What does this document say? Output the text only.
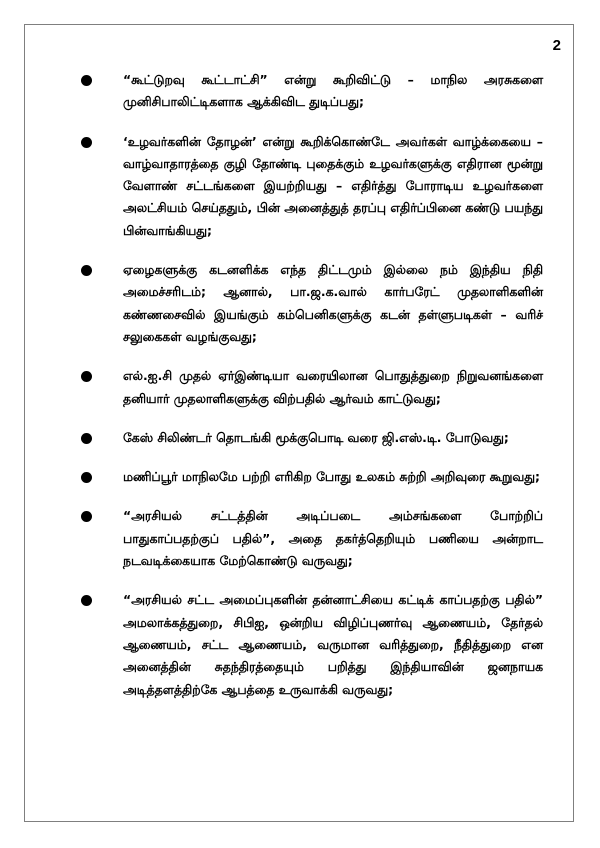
2
“கூட்டுறவு கூட்டாட்சி” என்று கூறிவிட்டு – மாநில அரசுகளை முனிசிபாலிட்டிகளாக ஆக்கிவிட துடிப்பது;
‘உழவர்களின் தோழன்’ என்று கூறிக்கொண்டே அவர்கள் வாழ்க்கையை – வாழ்வாதாரத்தை குழி தோண்டி புதைக்கும் உழவர்களுக்கு எதிரான மூன்று வேளாண் சட்டங்களை இயற்றியது – எதிர்த்து போராடிய உழவர்களை அலட்சியம் செய்ததும், பின் அனைத்துத் தரப்பு எதிர்ப்பினை கண்டு பயந்து பின்வாங்கியது;
ஏழைகளுக்கு கடனளிக்க எந்த திட்டமும் இல்லை நம் இந்திய நிதி அமைச்சரிடம்; ஆனால், பா.ஜ.க.வால் கார்பரேட் முதலாளிகளின் கண்ணசைவில் இயங்கும் கம்பெனிகளுக்கு கடன் தள்ளுபடிகள் – வரிச் சலுகைகள் வழங்குவது;
எல்.ஐ.சி முதல் ஏர்இண்டியா வரையிலான பொதுத்துறை நிறுவனங்களை தனியார் முதலாளிகளுக்கு விற்பதில் ஆர்வம் காட்டுவது;
கேஸ் சிலிண்டர் தொடங்கி மூக்குபொடி வரை ஜி.எஸ்.டி. போடுவது;
மணிப்பூர் மாநிலமே பற்றி எரிகிற போது உலகம் சுற்றி அறிவுரை கூறுவது;
“அரசியல் சட்டத்தின் அடிப்படை அம்சங்களை போற்றிப் பாதுகாப்பதற்குப் பதில்”, அதை தகர்த்தெறியும் பணியை அன்றாட நடவடிக்கையாக மேற்கொண்டு வருவது;
“அரசியல் சட்ட அமைப்புகளின் தன்னாட்சியை கட்டிக் காப்பதற்கு பதில்” அமலாக்கத்துறை, சிபிஐ, ஒன்றிய விழிப்புணர்வு ஆணையம், தேர்தல் ஆணையம், சட்ட ஆணையம், வருமான வரித்துறை, நீதித்துறை என அனைத்தின் சுதந்திரத்தையும் பறித்து இந்தியாவின் ஜனநாயக அடித்தளத்திற்கே ஆபத்தை உருவாக்கி வருவது;
